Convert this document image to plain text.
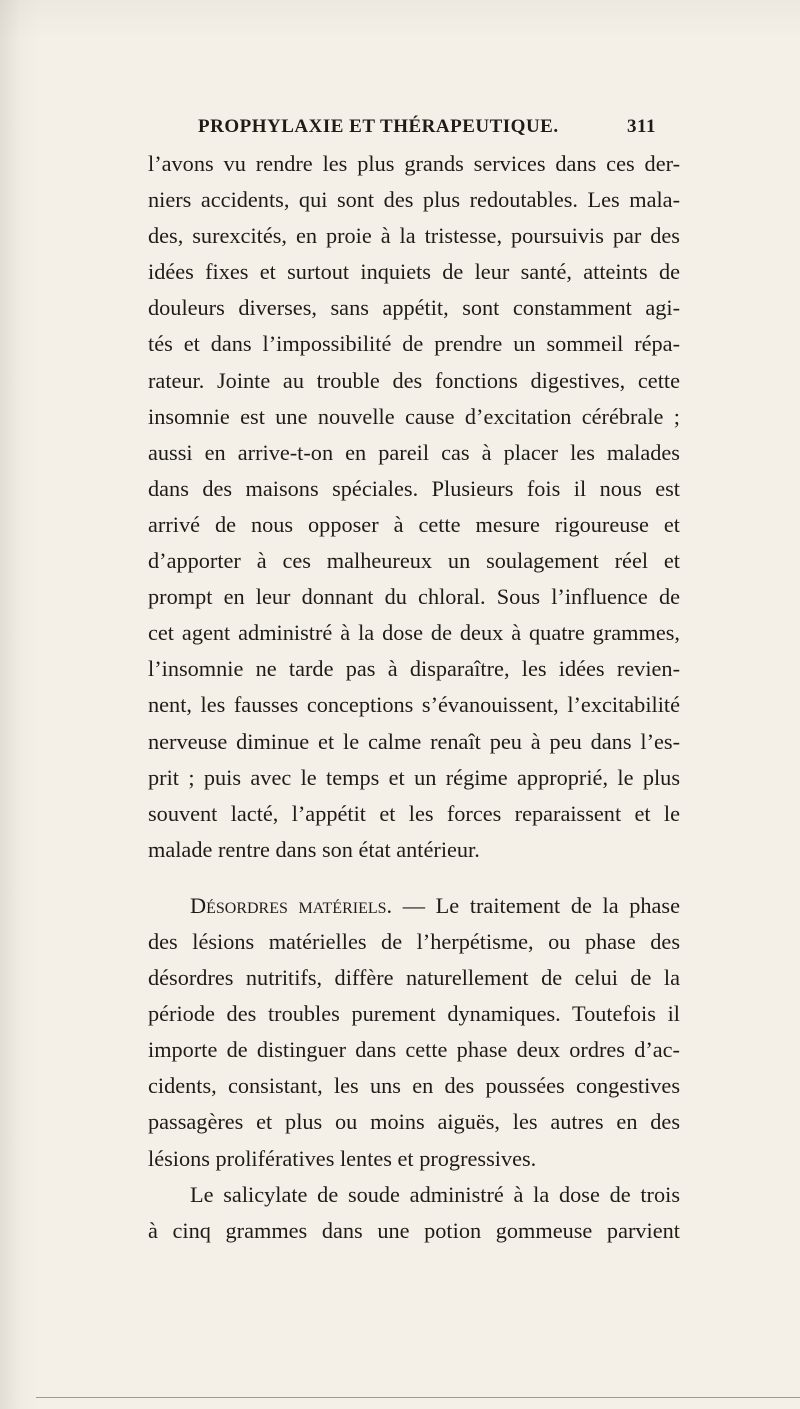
PROPHYLAXIE ET THÉRAPEUTIQUE.	311
l’avons vu rendre les plus grands services dans ces der-
niers accidents, qui sont des plus redoutables. Les mala-
des, surexcités, en proie à la tristesse, poursuivis par des
idées fixes et surtout inquiets de leur santé, atteints de
douleurs diverses, sans appétit, sont constamment agi-
tés et dans l’impossibilité de prendre un sommeil répa-
rateur. Jointe au trouble des fonctions digestives, cette
insomnie est une nouvelle cause d’excitation cérébrale ;
aussi en arrive-t-on en pareil cas à placer les malades
dans des maisons spéciales. Plusieurs fois il nous est
arrivé de nous opposer à cette mesure rigoureuse et
d’apporter à ces malheureux un soulagement réel et
prompt en leur donnant du chloral. Sous l’influence de
cet agent administré à la dose de deux à quatre grammes,
l’insomnie ne tarde pas à disparaître, les idées revien-
nent, les fausses conceptions s’évanouissent, l’excitabilité
nerveuse diminue et le calme renaît peu à peu dans l’es-
prit ; puis avec le temps et un régime approprié, le plus
souvent lacté, l’appétit et les forces reparaissent et le
malade rentre dans son état antérieur.
Désordres matériels. — Le traitement de la phase
des lésions matérielles de l’herpétisme, ou phase des
désordres nutritifs, diffère naturellement de celui de la
période des troubles purement dynamiques. Toutefois il
importe de distinguer dans cette phase deux ordres d’ac-
cidents, consistant, les uns en des poussées congestives
passagères et plus ou moins aiguës, les autres en des
lésions prolifératives lentes et progressives.
Le salicylate de soude administré à la dose de trois
à cinq grammes dans une potion gommeuse parvient
